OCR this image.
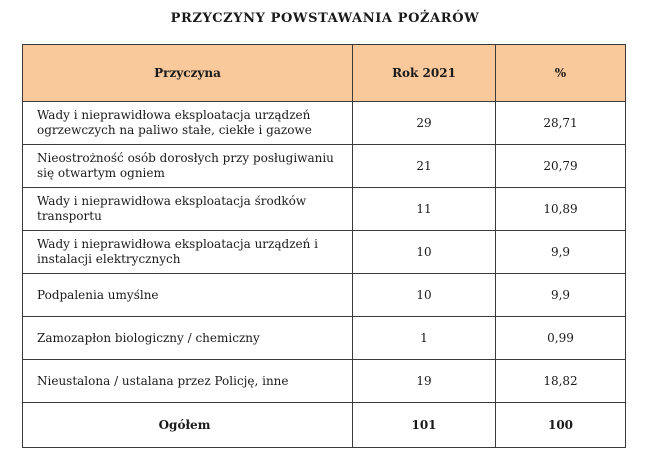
PRZYCZYNY POWSTAWANIA POŻARÓW
Przyczyna	Rok 2021	%
Wady i nieprawidłowa eksploatacja urządzeń ogrzewczych na paliwo stałe, ciekłe i gazowe	29	28,71
Nieostrożność osób dorosłych przy posługiwaniu się otwartym ogniem	21	20,79
Wady i nieprawidłowa eksploatacja środków transportu	11	10,89
Wady i nieprawidłowa eksploatacja urządzeń i instalacji elektrycznych	10	9,9
Podpalenia umyślne	10	9,9
Zamozapłon biologiczny / chemiczny	1	0,99
Nieustalona / ustalana przez Policję, inne	19	18,82
Ogółem	101	100
